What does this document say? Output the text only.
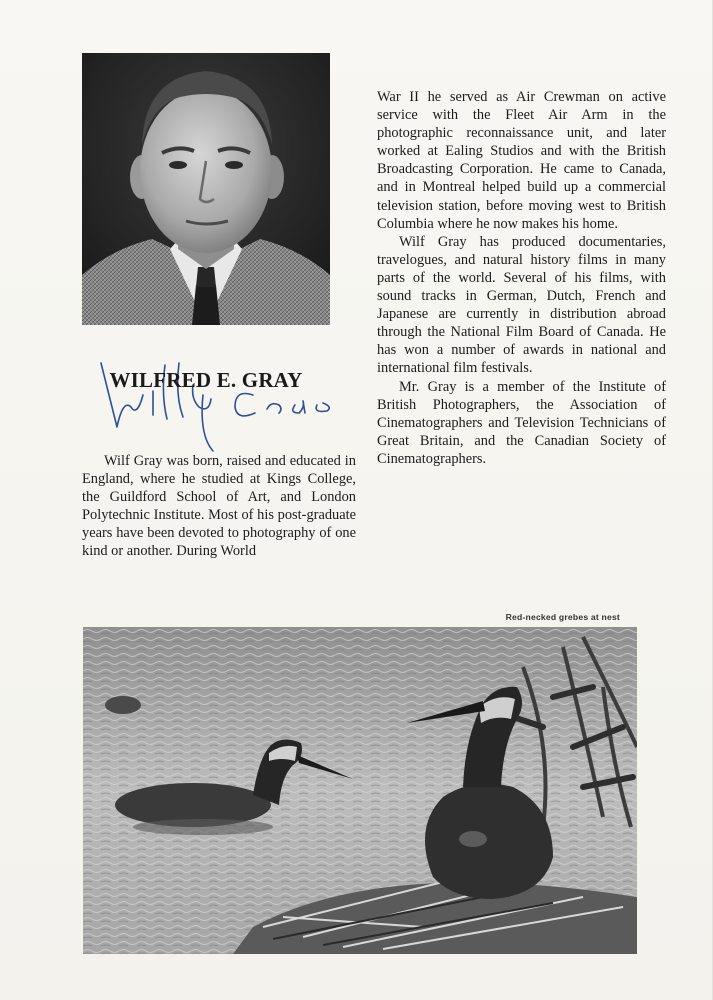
WILFRED E. GRAY

Wilf Gray was born, raised and educated in England, where he studied at Kings College, the Guildford School of Art, and London Polytechnic Institute. Most of his post-graduate years have been devoted to photography of one kind or another. During World

War II he served as Air Crewman on active service with the Fleet Air Arm in the photographic reconnaissance unit, and later worked at Ealing Studios and with the British Broadcasting Corporation. He came to Canada, and in Montreal helped build up a commercial television station, before moving west to British Columbia where he now makes his home.

Wilf Gray has produced documentaries, travelogues, and natural history films in many parts of the world. Several of his films, with sound tracks in German, Dutch, French and Japanese are currently in distribution abroad through the National Film Board of Canada. He has won a number of awards in national and international film festivals.

Mr. Gray is a member of the Institute of British Photographers, the Association of Cinematographers and Television Technicians of Great Britain, and the Canadian Society of Cinematographers.

Red-necked grebes at nest
